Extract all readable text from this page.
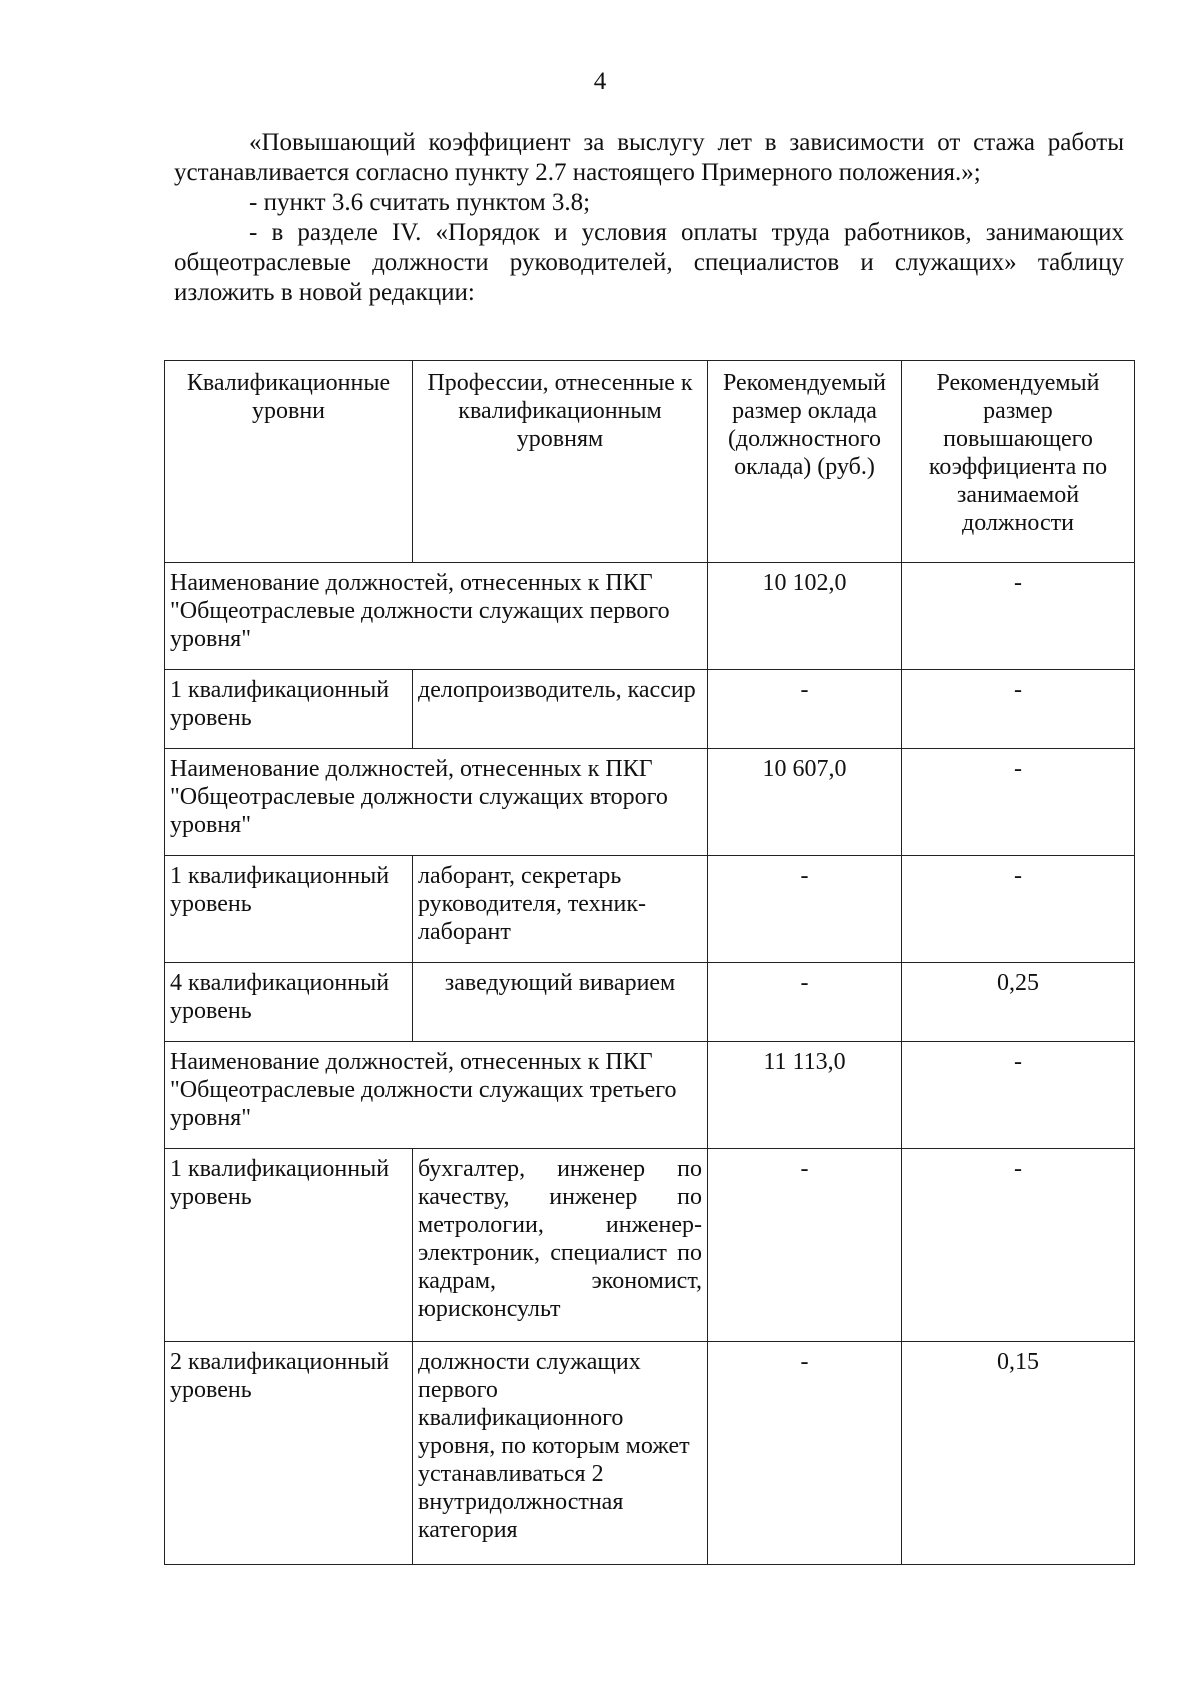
4

«Повышающий коэффициент за выслугу лет в зависимости от стажа работы устанавливается согласно пункту 2.7 настоящего Примерного положения.»;

- пункт 3.6 считать пунктом 3.8;

- в разделе IV. «Порядок и условия оплаты труда работников, занимающих общеотраслевые должности руководителей, специалистов и служащих» таблицу изложить в новой редакции:

Квалификационные уровни	Профессии, отнесенные к квалификационным уровням	Рекомендуемый размер оклада (должностного оклада) (руб.)	Рекомендуемый размер повышающего коэффициента по занимаемой должности
Наименование должностей, отнесенных к ПКГ "Общеотраслевые должности служащих первого уровня"		10 102,0	-
1 квалификационный уровень	делопроизводитель, кассир	-	-
Наименование должностей, отнесенных к ПКГ "Общеотраслевые должности служащих второго уровня"		10 607,0	-
1 квалификационный уровень	лаборант, секретарь руководителя, техник-лаборант	-	-
4 квалификационный уровень	заведующий виварием	-	0,25
Наименование должностей, отнесенных к ПКГ "Общеотраслевые должности служащих третьего уровня"		11 113,0	-
1 квалификационный уровень	бухгалтер, инженер по качеству, инженер по метрологии, инженер-электроник, специалист по кадрам, экономист, юрисконсульт	-	-
2 квалификационный уровень	должности служащих первого квалификационного уровня, по которым может устанавливаться 2 внутридолжностная категория	-	0,15
